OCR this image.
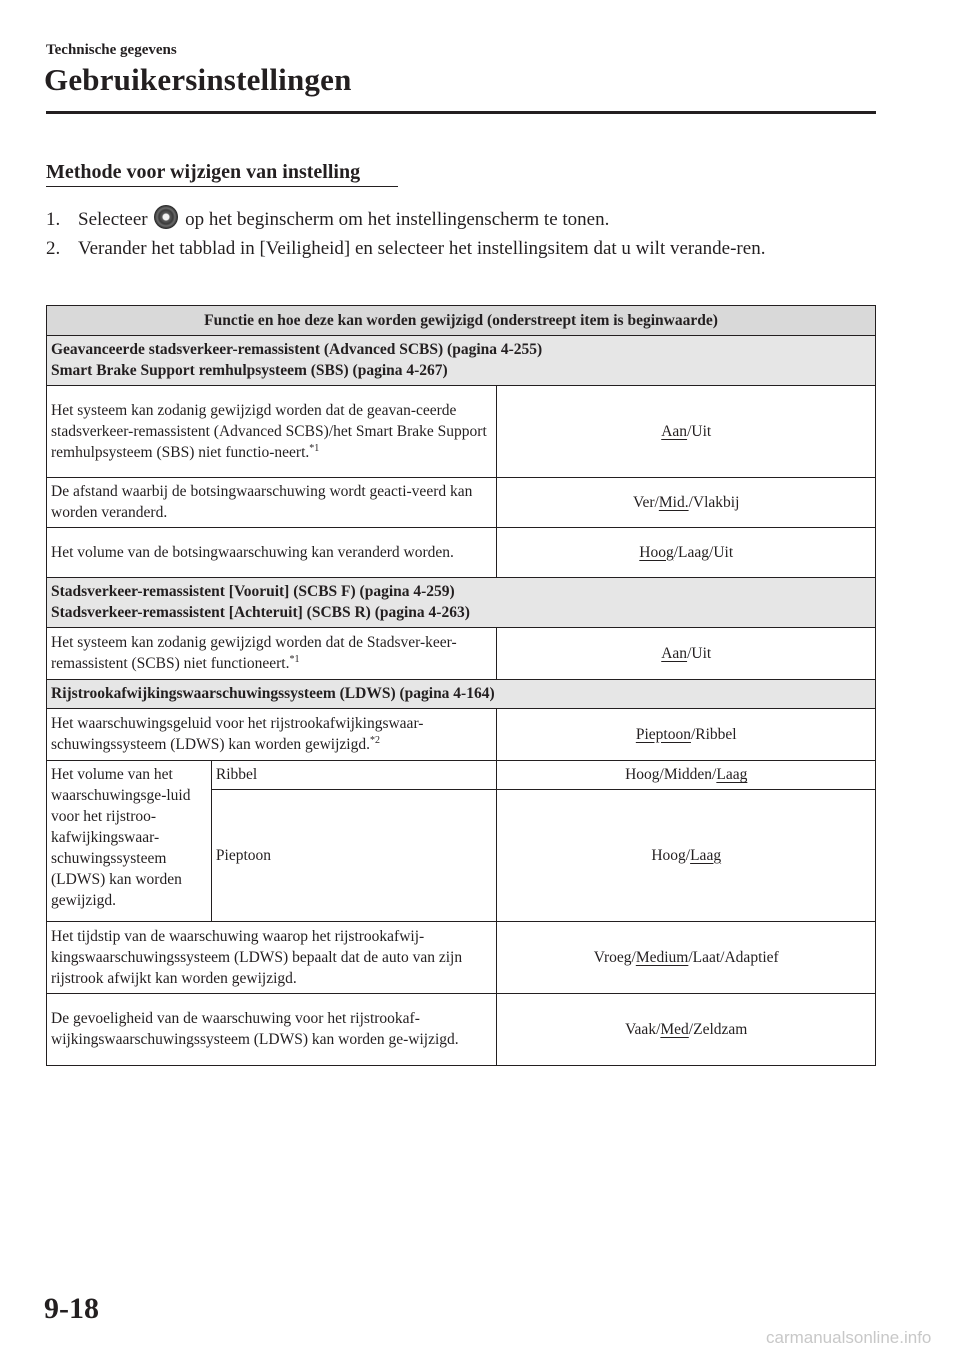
Technische gegevens
Gebruikersinstellingen
Methode voor wijzigen van instelling
1. Selecteer op het beginscherm om het instellingenscherm te tonen.
2. Verander het tabblad in [Veiligheid] en selecteer het instellingsitem dat u wilt verande-ren.
Functie en hoe deze kan worden gewijzigd (onderstreept item is beginwaarde)		

Geavanceerde stadsverkeer-remassistent (Advanced SCBS) (pagina 4-255)
Smart Brake Support remhulpsysteem (SBS) (pagina 4-267)		

Het systeem kan zodanig gewijzigd worden dat de geavan-ceerde stadsverkeer-remassistent (Advanced SCBS)/het Smart Brake Support remhulpsysteem (SBS) niet functio-neert.$^{*1}$		Aan/Uit
De afstand waarbij de botsingwaarschuwing wordt geacti-veerd kan worden veranderd.		Ver/Mid./Vlakbij
Het volume van de botsingwaarschuwing kan veranderd worden.		Hoog/Laag/Uit

Stadsverkeer-remassistent [Vooruit] (SCBS F) (pagina 4-259)
Stadsverkeer-remassistent [Achteruit] (SCBS R) (pagina 4-263)		

Het systeem kan zodanig gewijzigd worden dat de Stadsver-keer-remassistent (SCBS) niet functioneert.$^{*1}$		Aan/Uit
Rijstrookafwijkingswaarschuwingssysteem (LDWS) (pagina 4-164)		
Het waarschuwingsgeluid voor het rijstrookafwijkingswaar-schuwingssysteem (LDWS) kan worden gewijzigd.$^{*2}$		Pieptoon/Ribbel
Het volume van het waarschuwingsge-luid voor het rijstroo-kafwijkingswaar-schuwingssysteem (LDWS) kan worden gewijzigd.	Ribbel	Hoog/Midden/Laag
	Pieptoon	Hoog/Laag
Het tijdstip van de waarschuwing waarop het rijstrookafwij-kingswaarschuwingssysteem (LDWS) bepaalt dat de auto van zijn rijstrook afwijkt kan worden gewijzigd.		Vroeg/Medium/Laat/Adaptief
De gevoeligheid van de waarschuwing voor het rijstrookaf-wijkingswaarschuwingssysteem (LDWS) kan worden ge-wijzigd.		Vaak/Med/Zeldzam
9-18
carmanualsonline.info
